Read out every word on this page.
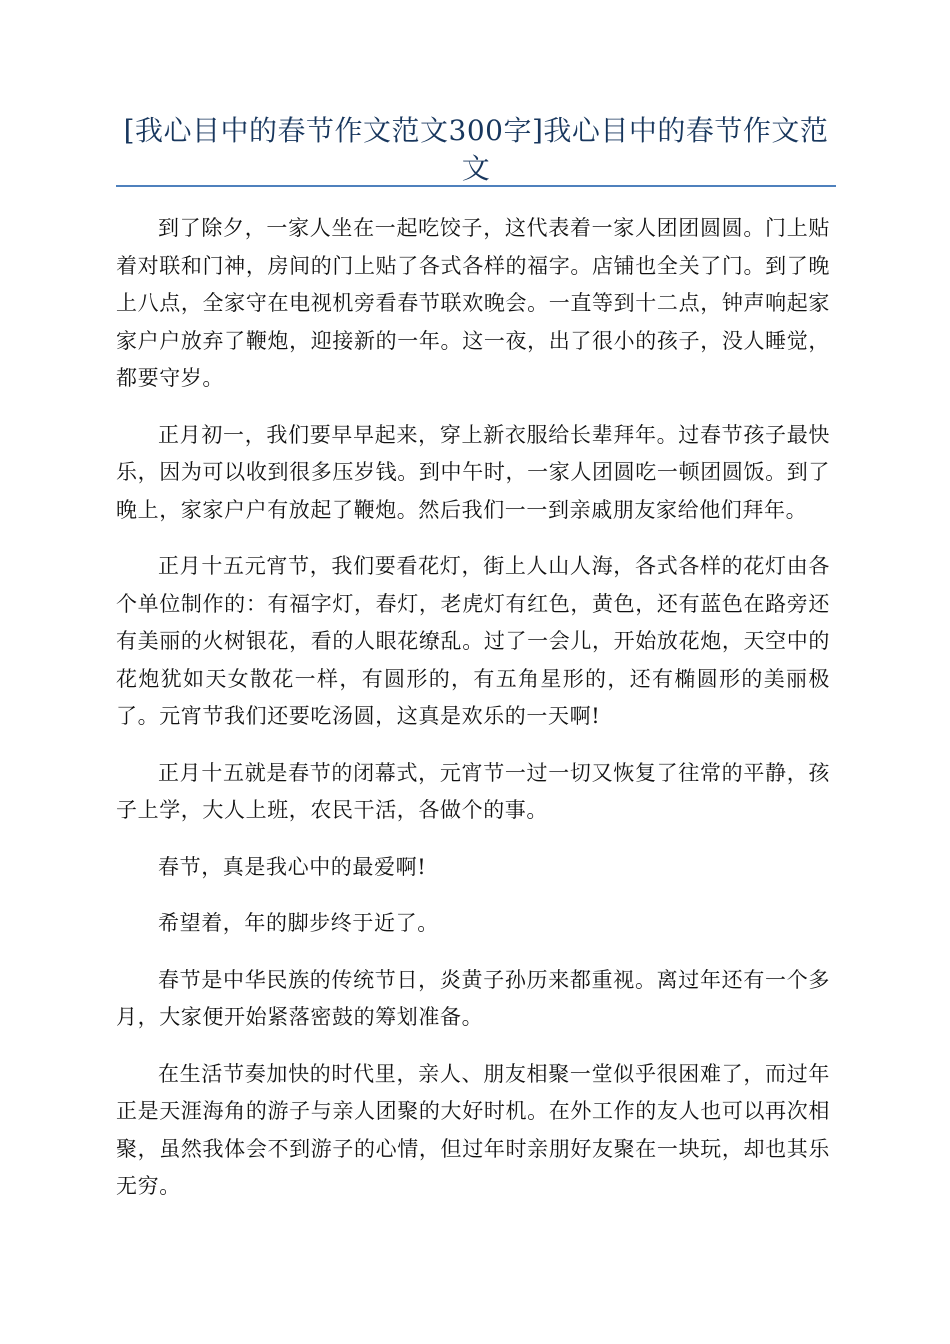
[我心目中的春节作文范文300字]我心目中的春节作文范文

到了除夕，一家人坐在一起吃饺子，这代表着一家人团团圆圆。门上贴着对联和门神，房间的门上贴了各式各样的福字。店铺也全关了门。到了晚上八点，全家守在电视机旁看春节联欢晚会。一直等到十二点，钟声响起家家户户放弃了鞭炮，迎接新的一年。这一夜，出了很小的孩子，没人睡觉，都要守岁。

正月初一，我们要早早起来，穿上新衣服给长辈拜年。过春节孩子最快乐，因为可以收到很多压岁钱。到中午时，一家人团圆吃一顿团圆饭。到了晚上，家家户户有放起了鞭炮。然后我们一一到亲戚朋友家给他们拜年。

正月十五元宵节，我们要看花灯，街上人山人海，各式各样的花灯由各个单位制作的：有福字灯，春灯，老虎灯有红色，黄色，还有蓝色在路旁还有美丽的火树银花，看的人眼花缭乱。过了一会儿，开始放花炮，天空中的花炮犹如天女散花一样，有圆形的，有五角星形的，还有椭圆形的美丽极了。元宵节我们还要吃汤圆，这真是欢乐的一天啊!

正月十五就是春节的闭幕式，元宵节一过一切又恢复了往常的平静，孩子上学，大人上班，农民干活，各做个的事。

春节，真是我心中的最爱啊!

希望着，年的脚步终于近了。

春节是中华民族的传统节日，炎黄子孙历来都重视。离过年还有一个多月，大家便开始紧落密鼓的筹划准备。

在生活节奏加快的时代里，亲人、朋友相聚一堂似乎很困难了，而过年正是天涯海角的游子与亲人团聚的大好时机。在外工作的友人也可以再次相聚，虽然我体会不到游子的心情，但过年时亲朋好友聚在一块玩，却也其乐无穷。
